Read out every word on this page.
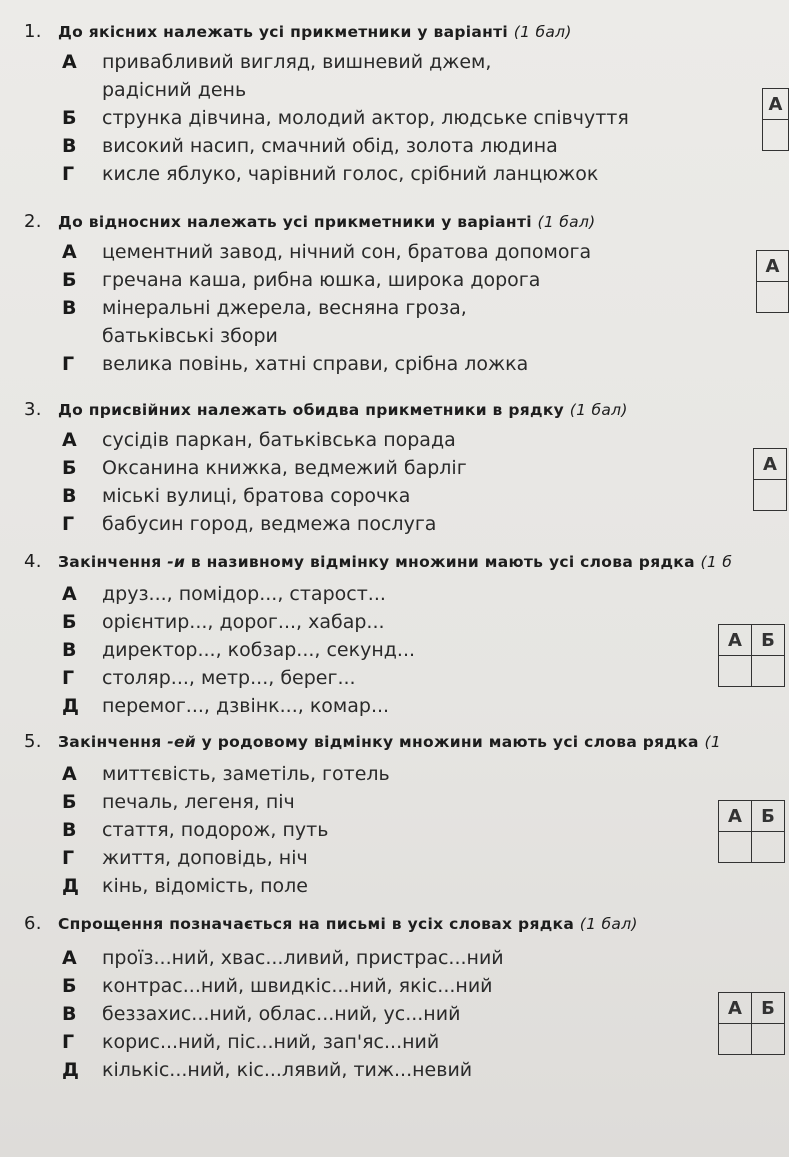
1. До якісних належать усі прикметники у варіанті (1 бал)
А	привабливий вигляд, вишневий джем, радісний день
Б	струнка дівчина, молодий актор, людське співчуття
В	високий насип, смачний обід, золота людина
Г	кисле яблуко, чарівний голос, срібний ланцюжок
А

2. До відносних належать усі прикметники у варіанті (1 бал)
А	цементний завод, нічний сон, братова допомога
Б	гречана каша, рибна юшка, широка дорога
В	мінеральні джерела, весняна гроза, батьківські збори
Г	велика повінь, хатні справи, срібна ложка
А

3. До присвійних належать обидва прикметники в рядку (1 бал)
А	сусідів паркан, батьківська порада
Б	Оксанина книжка, ведмежий барліг
В	міські вулиці, братова сорочка
Г	бабусин город, ведмежа послуга
А

4. Закінчення -и в називному відмінку множини мають усі слова рядка (1 б
А	друз..., помідор..., старост...
Б	орієнтир..., дорог..., хабар...
В	директор..., кобзар..., секунд...
Г	столяр..., метр..., берег...
Д	перемог..., дзвінк..., комар...
А	Б

5. Закінчення -ей у родовому відмінку множини мають усі слова рядка (1
А	миттєвість, заметіль, готель
Б	печаль, легеня, піч
В	стаття, подорож, путь
Г	життя, доповідь, ніч
Д	кінь, відомість, поле
А	Б

6. Спрощення позначається на письмі в усіх словах рядка (1 бал)
А	проїз...ний, хвас...ливий, пристрас...ний
Б	контрас...ний, швидкіс...ний, якіс...ний
В	беззахис...ний, облас...ний, ус...ний
Г	корис...ний, піс...ний, зап'яс...ний
Д	кількіс...ний, кіс...лявий, тиж...невий
А	Б
